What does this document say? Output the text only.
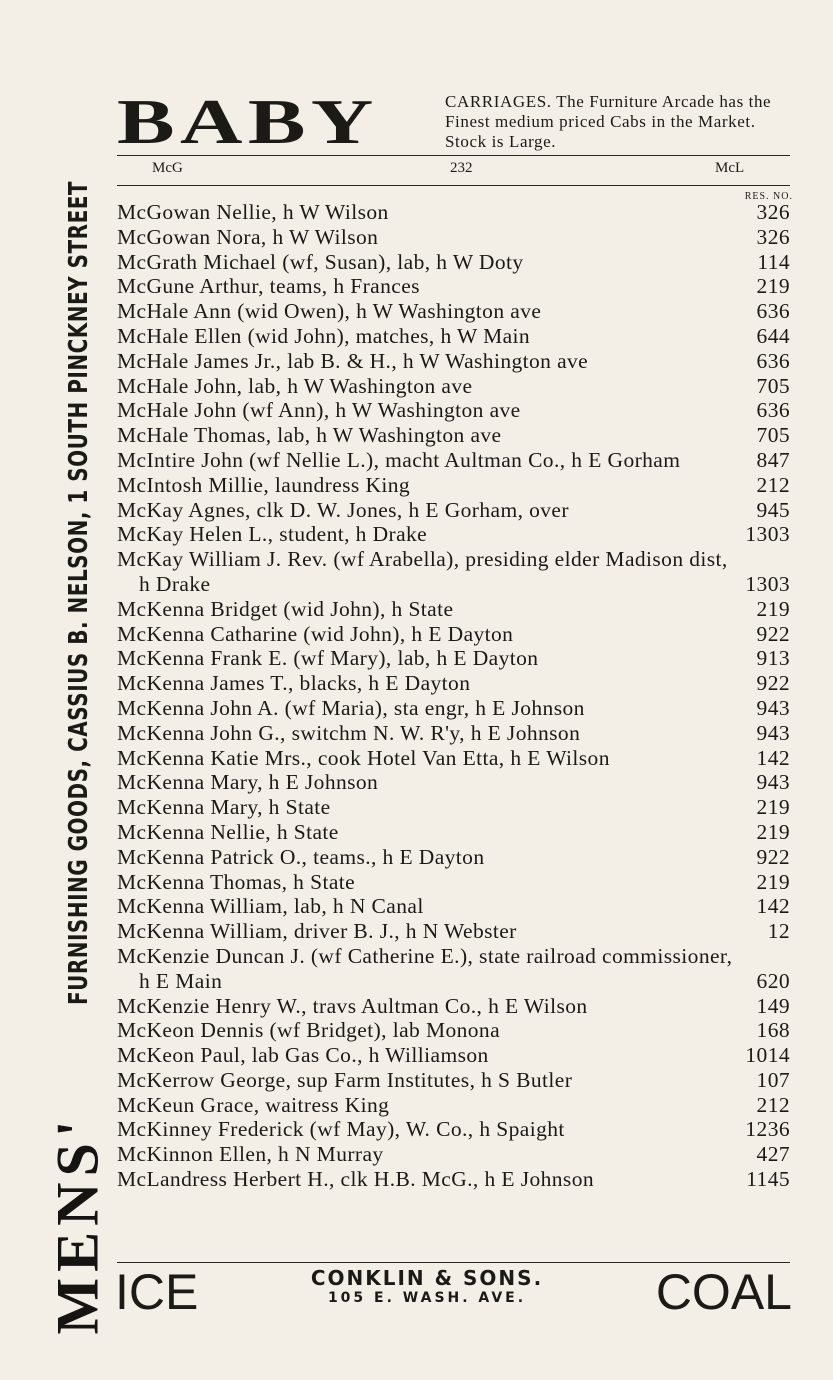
FURNISHING GOODS, CASSIUS B. NELSON, 1 SOUTH PINCKNEY STREET
MENS'
BABY	CARRIAGES. The Furniture Arcade has the Finest medium priced Cabs in the Market. Stock is Large.
McG	232	McL
RES. NO.
McGowan Nellie, h W Wilson	326
McGowan Nora, h W Wilson	326
McGrath Michael (wf, Susan), lab, h W Doty	114
McGune Arthur, teams, h Frances	219
McHale Ann (wid Owen), h W Washington ave	636
McHale Ellen (wid John), matches, h W Main	644
McHale James Jr., lab B. & H., h W Washington ave	636
McHale John, lab, h W Washington ave	705
McHale John (wf Ann), h W Washington ave	636
McHale Thomas, lab, h W Washington ave	705
McIntire John (wf Nellie L.), macht Aultman Co., h E Gorham	847
McIntosh Millie, laundress King	212
McKay Agnes, clk D. W. Jones, h E Gorham, over	945
McKay Helen L., student, h Drake	1303
McKay William J. Rev. (wf Arabella), presiding elder Madison dist, h Drake	1303
McKenna Bridget (wid John), h State	219
McKenna Catharine (wid John), h E Dayton	922
McKenna Frank E. (wf Mary), lab, h E Dayton	913
McKenna James T., blacks, h E Dayton	922
McKenna John A. (wf Maria), sta engr, h E Johnson	943
McKenna John G., switchm N. W. R'y, h E Johnson	943
McKenna Katie Mrs., cook Hotel Van Etta, h E Wilson	142
McKenna Mary, h E Johnson	943
McKenna Mary, h State	219
McKenna Nellie, h State	219
McKenna Patrick O., teams., h E Dayton	922
McKenna Thomas, h State	219
McKenna William, lab, h N Canal	142
McKenna William, driver B. J., h N Webster	12
McKenzie Duncan J. (wf Catherine E.), state railroad commissioner, h E Main	620
McKenzie Henry W., travs Aultman Co., h E Wilson	149
McKeon Dennis (wf Bridget), lab Monona	168
McKeon Paul, lab Gas Co., h Williamson	1014
McKerrow George, sup Farm Institutes, h S Butler	107
McKeun Grace, waitress King	212
McKinney Frederick (wf May), W. Co., h Spaight	1236
McKinnon Ellen, h N Murray	427
McLandress Herbert H., clk H.B. McG., h E Johnson	1145
ICE	CONKLIN & SONS.
105 E. WASH. AVE.	COAL
